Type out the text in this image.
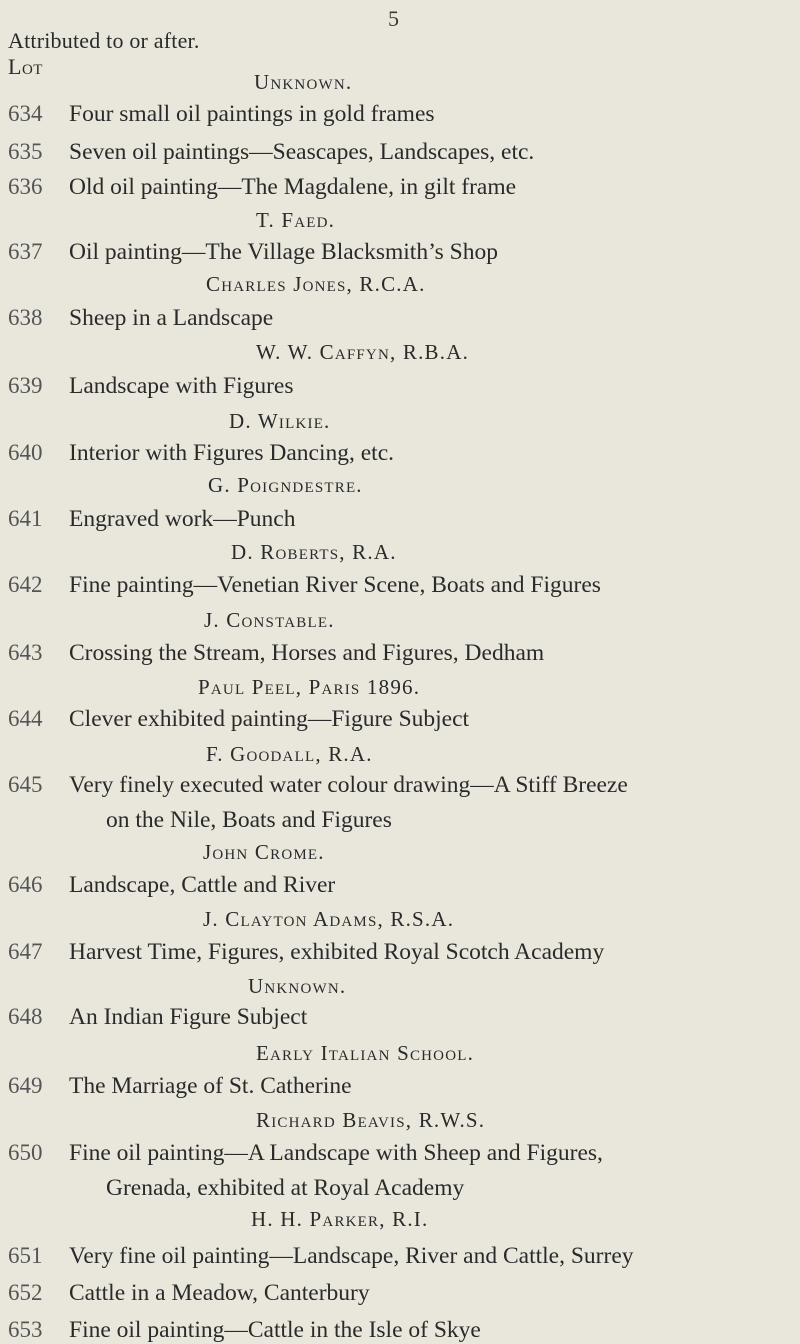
5
Attributed to or after.
Lot
Unknown.
634	Four small oil paintings in gold frames
635	Seven oil paintings—Seascapes, Landscapes, etc.
636	Old oil painting—The Magdalene, in gilt frame
T. Faed.
637	Oil painting—The Village Blacksmith’s Shop
Charles Jones, R.C.A.
638	Sheep in a Landscape
W. W. Caffyn, R.B.A.
639	Landscape with Figures
D. Wilkie.
640	Interior with Figures Dancing, etc.
G. Poigndestre.
641	Engraved work—Punch
D. Roberts, R.A.
642	Fine painting—Venetian River Scene, Boats and Figures
J. Constable.
643	Crossing the Stream, Horses and Figures, Dedham
Paul Peel, Paris 1896.
644	Clever exhibited painting—Figure Subject
F. Goodall, R.A.
645	Very finely executed water colour drawing—A Stiff Breeze
on the Nile, Boats and Figures
John Crome.
646	Landscape, Cattle and River
J. Clayton Adams, R.S.A.
647	Harvest Time, Figures, exhibited Royal Scotch Academy
Unknown.
648	An Indian Figure Subject
Early Italian School.
649	The Marriage of St. Catherine
Richard Beavis, R.W.S.
650	Fine oil painting—A Landscape with Sheep and Figures,
Grenada, exhibited at Royal Academy
H. H. Parker, R.I.
651	Very fine oil painting—Landscape, River and Cattle, Surrey
652	Cattle in a Meadow, Canterbury
653	Fine oil painting—Cattle in the Isle of Skye
